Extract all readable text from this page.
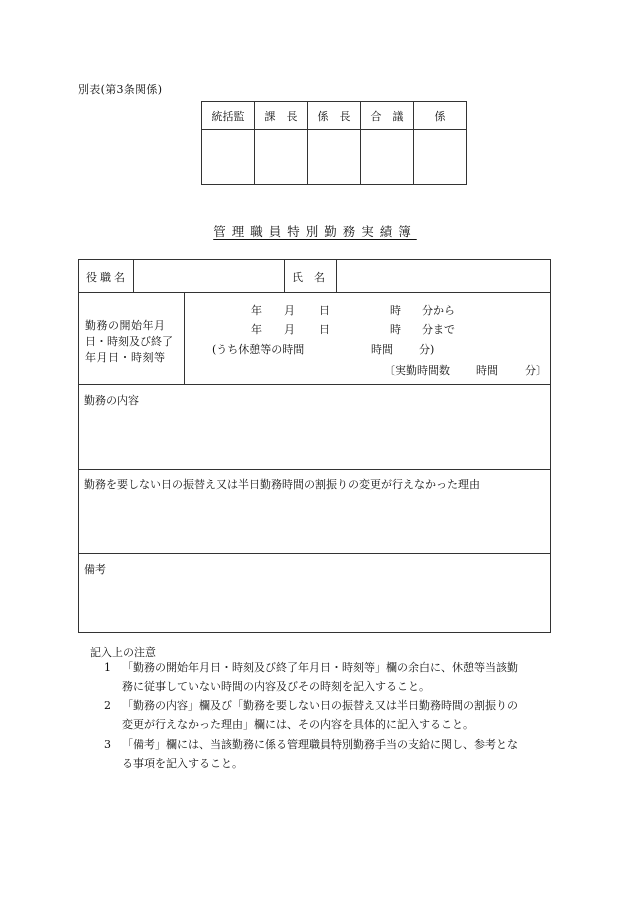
別表(第3条関係)
統括監	課　長	係　長	合　議	係

管理職員特別勤務実績簿
役職名	氏　名
勤務の開始年月
日・時刻及び終了
年月日・時刻等
年 月 日	時 分から
年 月 日	時 分まで
(うち休憩等の時間	時間 分)
〔実勤時間数 時間 分〕
勤務の内容
勤務を要しない日の振替え又は半日勤務時間の割振りの変更が行えなかった理由
備考
記入上の注意
1 「勤務の開始年月日・時刻及び終了年月日・時刻等」欄の余白に、休憩等当該勤
務に従事していない時間の内容及びその時刻を記入すること。
2 「勤務の内容」欄及び「勤務を要しない日の振替え又は半日勤務時間の割振りの
変更が行えなかった理由」欄には、その内容を具体的に記入すること。
3 「備考」欄には、当該勤務に係る管理職員特別勤務手当の支給に関し、参考とな
る事項を記入すること。
